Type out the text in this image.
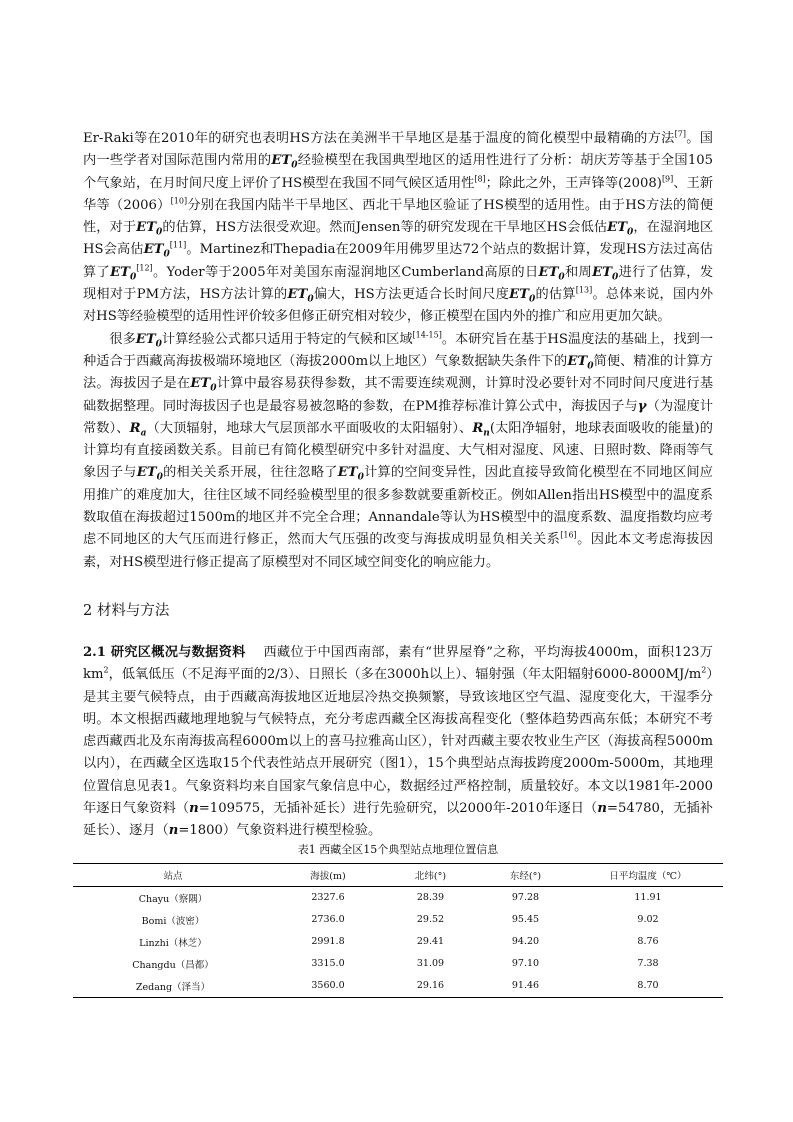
Er-Raki等在2010年的研究也表明HS方法在美洲半干旱地区是基于温度的简化模型中最精确的方法[7]。国内一些学者对国际范围内常用的$ET_0$经验模型在我国典型地区的适用性进行了分析：胡庆芳等基于全国105个气象站，在月时间尺度上评价了HS模型在我国不同气候区适用性[8]；除此之外，王声锋等(2008)[9]、王新华等（2006）[10]分别在我国内陆半干旱地区、西北干旱地区验证了HS模型的适用性。由于HS方法的简便性，对于$ET_0$的估算，HS方法很受欢迎。然而Jensen等的研究发现在干旱地区HS会低估$ET_0$，在湿润地区HS会高估$ET_0[11]$。Martinez和Thepadia在2009年用佛罗里达72个站点的数据计算，发现HS方法过高估算了$ET_0[12]$。Yoder等于2005年对美国东南湿润地区Cumberland高原的日$ET_0$和周$ET_0$进行了估算，发现相对于PM方法，HS方法计算的$ET_0$偏大，HS方法更适合长时间尺度$ET_0$的估算[13]。总体来说，国内外对HS等经验模型的适用性评价较多但修正研究相对较少，修正模型在国内外的推广和应用更加欠缺。

很多$ET_0$计算经验公式都只适用于特定的气候和区域[14-15]。本研究旨在基于HS温度法的基础上，找到一种适合于西藏高海拔极端环境地区（海拔2000m以上地区）气象数据缺失条件下的$ET_0$简便、精准的计算方法。海拔因子是在$ET_0$计算中最容易获得参数，其不需要连续观测，计算时没必要针对不同时间尺度进行基础数据整理。同时海拔因子也是最容易被忽略的参数，在PM推荐标准计算公式中，海拔因子与γ（为湿度计常数）、$R_a$（大顶辐射，地球大气层顶部水平面吸收的太阳辐射）、$R_n$(太阳净辐射，地球表面吸收的能量)的计算均有直接函数关系。目前已有简化模型研究中多针对温度、大气相对湿度、风速、日照时数、降雨等气象因子与$ET_0$的相关关系开展，往往忽略了$ET_0$计算的空间变异性，因此直接导致简化模型在不同地区间应用推广的难度加大，往往区域不同经验模型里的很多参数就要重新校正。例如Allen指出HS模型中的温度系数取值在海拔超过1500m的地区并不完全合理；Annandale等认为HS模型中的温度系数、温度指数均应考虑不同地区的大气压而进行修正，然而大气压强的改变与海拔成明显负相关关系[16]。因此本文考虑海拔因素，对HS模型进行修正提高了原模型对不同区域空间变化的响应能力。

2 材料与方法

2.1 研究区概况与数据资料 西藏位于中国西南部，素有“世界屋脊”之称，平均海拔4000m，面积123万$km^2$，低氧低压（不足海平面的2/3）、日照长（多在3000h以上）、辐射强（年太阳辐射$6000-8000MJ/m^2$）是其主要气候特点，由于西藏高海拔地区近地层冷热交换频繁，导致该地区空气温、湿度变化大，干湿季分明。本文根据西藏地理地貌与气候特点，充分考虑西藏全区海拔高程变化（整体趋势西高东低；本研究不考虑西藏西北及东南海拔高程6000m以上的喜马拉雅高山区），针对西藏主要农牧业生产区（海拔高程5000m以内），在西藏全区选取15个代表性站点开展研究（图1），15个典型站点海拔跨度2000m-5000m，其地理位置信息见表1。气象资料均来自国家气象信息中心，数据经过严格控制，质量较好。本文以1981年-2000年逐日气象资料（n=109575，无插补延长）进行先验研究，以2000年-2010年逐日（n=54780，无插补延长）、逐月（n=1800）气象资料进行模型检验。

表1 西藏全区15个典型站点地理位置信息
站点	海拔(m)	北纬(°)	东经(°)	日平均温度（℃）
Chayu（察隅）	2327.6	28.39	97.28	11.91
Bomi（波密）	2736.0	29.52	95.45	9.02
Linzhi（林芝）	2991.8	29.41	94.20	8.76
Changdu（昌都）	3315.0	31.09	97.10	7.38
Zedang（泽当）	3560.0	29.16	91.46	8.70
